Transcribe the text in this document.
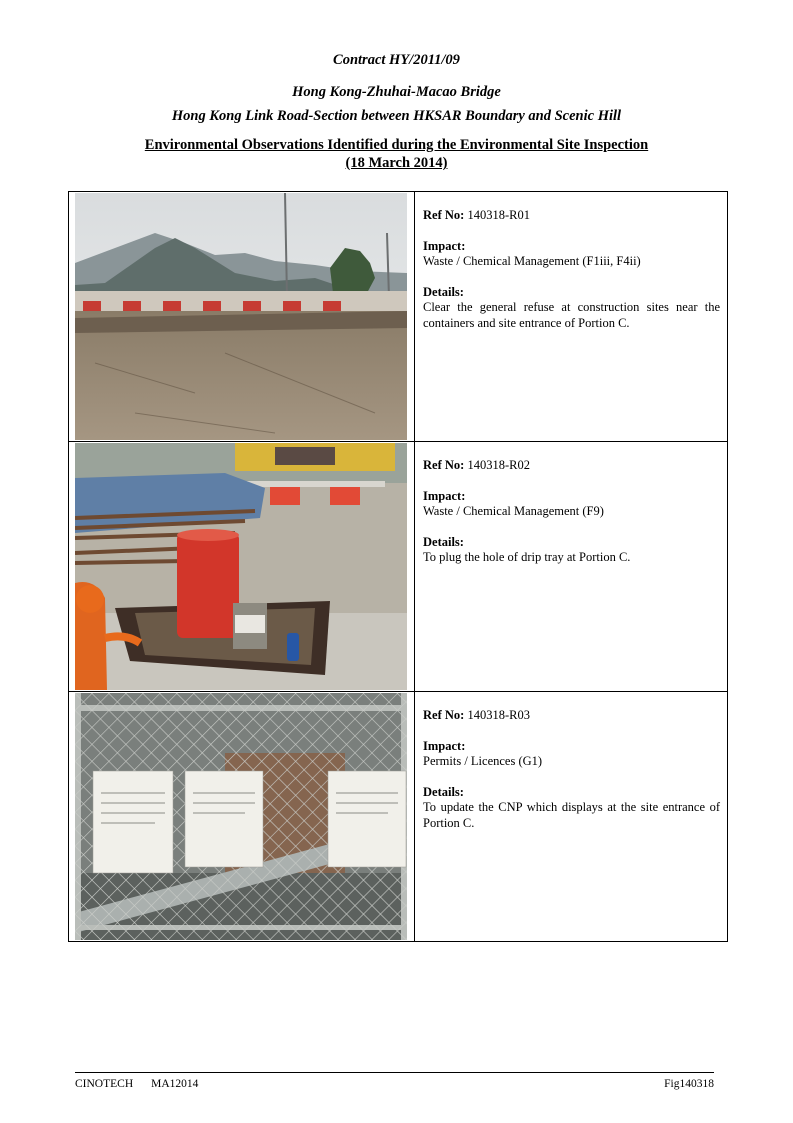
Contract HY/2011/09
Hong Kong-Zhuhai-Macao Bridge
Hong Kong Link Road-Section between HKSAR Boundary and Scenic Hill
Environmental Observations Identified during the Environmental Site Inspection
(18 March 2014)

Ref No: 140318-R01

Impact:
Waste / Chemical Management (F1iii, F4ii)

Details:
Clear the general refuse at construction sites near the containers and site entrance of Portion C.

Ref No: 140318-R02

Impact:
Waste / Chemical Management (F9)

Details:
To plug the hole of drip tray at Portion C.

Ref No: 140318-R03

Impact:
Permits / Licences (G1)

Details:
To update the CNP which displays at the site entrance of Portion C.

CINOTECH MA12014	Fig140318
